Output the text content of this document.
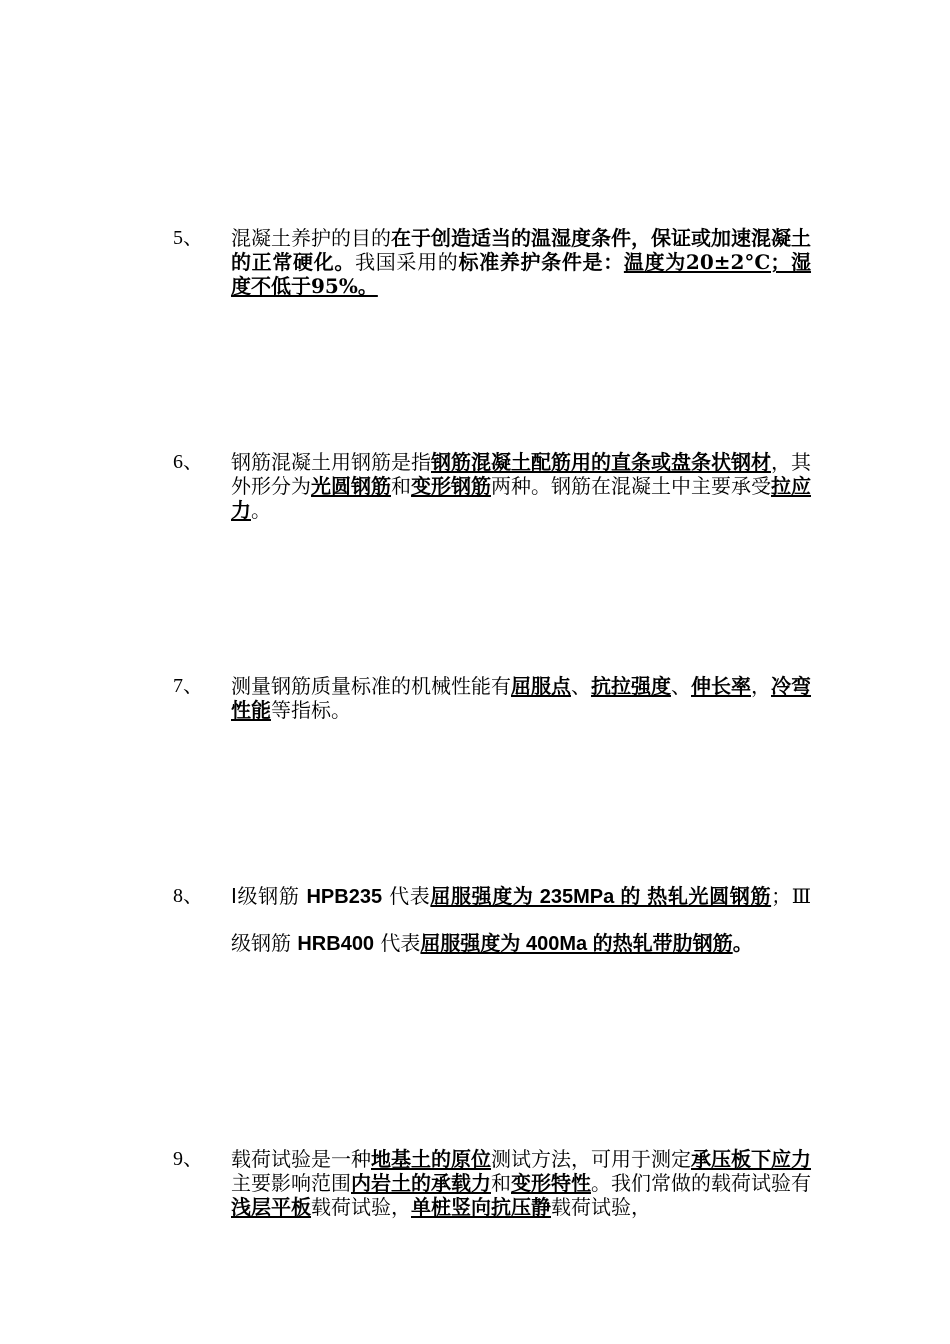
5、 混凝土养护的目的在于创造适当的温湿度条件，保证或加速混凝土的正常硬化。我国采用的标准养护条件是：温度为20±2°C；湿度不低于95%。
6、 钢筋混凝土用钢筋是指钢筋混凝土配筋用的直条或盘条状钢材，其外形分为光圆钢筋和变形钢筋两种。钢筋在混凝土中主要承受拉应力。
7、 测量钢筋质量标准的机械性能有屈服点、抗拉强度、伸长率，冷弯性能等指标。
8、 Ⅰ级钢筋 HPB235 代表屈服强度为 235MPa 的 热轧光圆钢筋；Ⅲ级钢筋 HRB400 代表屈服强度为 400Ma 的热轧带肋钢筋。
9、 载荷试验是一种地基土的原位测试方法，可用于测定承压板下应力主要影响范围内岩土的承载力和变形特性。我们常做的载荷试验有浅层平板载荷试验，单桩竖向抗压静载荷试验，
